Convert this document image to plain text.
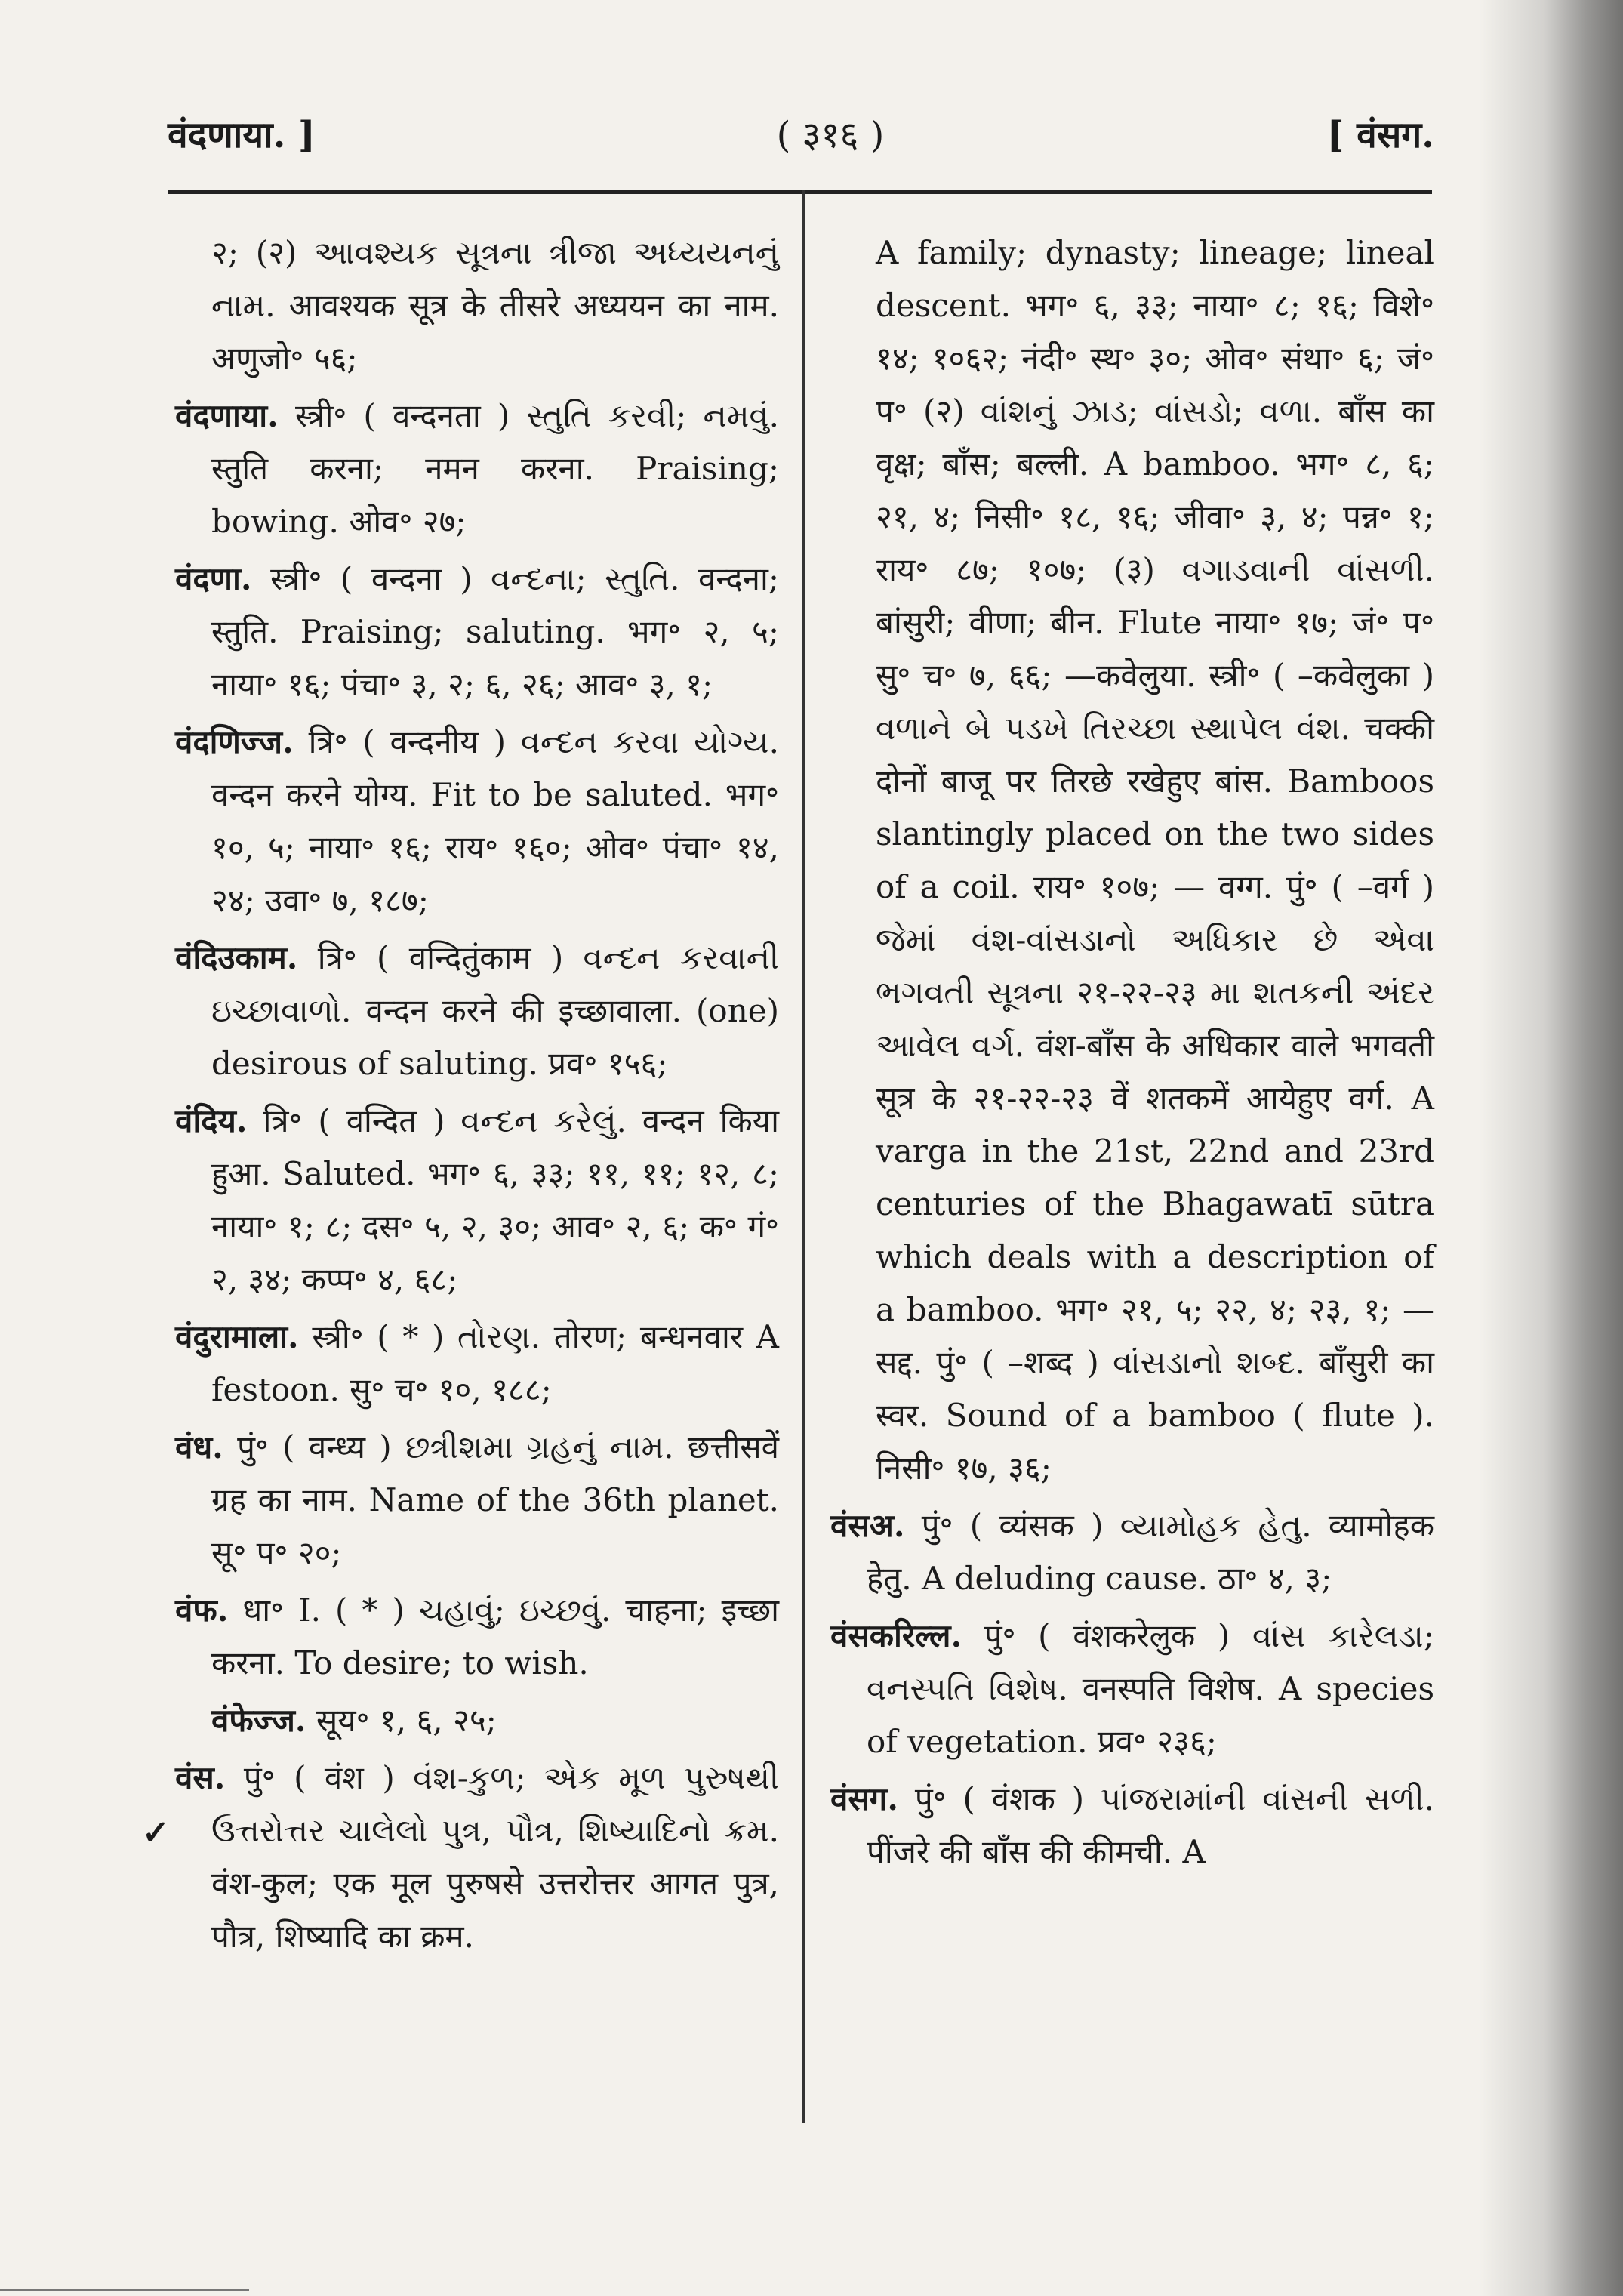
वंदणाया. ]	( ३१६ )	[ वंसग.
✓

२; (२) આવશ્યક સૂત્રના ત્રીજા અધ્યયનનું નામ. आवश्यक सूत्र के तीसरे अध्ययन का नाम. अणुजो॰ ५६;

वंदणाया. स्त्री॰ ( वन्दनता ) સ્તુતિ કરવી; નમવું. स्तुति करना; नमन करना. Praising; bowing. ओव॰ २७;

वंदणा. स्त्री॰ ( वन्दना ) વન્દના; સ્તુતિ. वन्दना; स्तुति. Praising; saluting. भग॰ २, ५; नाया॰ १६; पंचा॰ ३, २; ६, २६; आव॰ ३, १;

वंदणिज्ज. त्रि॰ ( वन्दनीय ) વન્દન કરવા યોગ્ય. वन्दन करने योग्य. Fit to be saluted. भग॰ १०, ५; नाया॰ १६; राय॰ १६०; ओव॰ पंचा॰ १४, २४; उवा॰ ७, १८७;

वंदिउकाम. त्रि॰ ( वन्दितुंकाम ) વન્દન કરવાની ઇચ્છાવાળો. वन्दन करने की इच्छावाला. (one) desirous of saluting. प्रव॰ १५६;

वंदिय. त्रि॰ ( वन्दित ) વન્દન કરેલું. वन्दन किया हुआ. Saluted. भग॰ ६, ३३; ११, ११; १२, ८; नाया॰ १; ८; दस॰ ५, २, ३०; आव॰ २, ६; क॰ गं॰ २, ३४; कप्प॰ ४, ६८;

वंदुरामाला. स्त्री॰ ( * ) તોરણ. तोरण; बन्धनवार A festoon. सु॰ च॰ १०, १८८;

वंध. पुं॰ ( वन्ध्य ) છત્રીશમા ગ્રહનું નામ. छत्तीसवें ग्रह का नाम. Name of the 36th planet. सू॰ प॰ २०;

वंफ. धा॰ I. ( * ) ચહાવું; ઇચ્છવું. चाहना; इच्छा करना. To desire; to wish.

वंफेज्ज. सूय॰ १, ६, २५;

वंस. पुं॰ ( वंश ) વંશ-કુળ; એક મૂળ પુરુષથી ઉત્તરોત્તર ચાલેલો પુત્ર, પૌત્ર, શિષ્યાદિનો ક્રમ. वंश-कुल; एक मूल पुरुषसे उत्तरोत्तर आगत पुत्र, पौत्र, शिष्यादि का क्रम.

A family; dynasty; lineage; lineal descent. भग॰ ६, ३३; नाया॰ ८; १६; विशे॰ १४; १०६२; नंदी॰ स्थ॰ ३०; ओव॰ संथा॰ ६; जं॰ प॰ (२) વાંશનું ઝાડ; વાંસડો; વળા. बाँस का वृक्ष; बाँस; बल्ली. A bamboo. भग॰ ८, ६; २१, ४; निसी॰ १८, १६; जीवा॰ ३, ४; पन्न॰ १; राय॰ ८७; १०७; (३) વગાડવાની વાંસળી. बांसुरी; वीणा; बीन. Flute नाया॰ १७; जं॰ प॰ सु॰ च॰ ७, ६६; —कवेलुया. स्त्री॰ ( –कवेलुका ) વળાને બે પડખે તિરચ્છા સ્થાપેલ વંશ. चक्की दोनों बाजू पर तिरछे रखेहुए बांस. Bamboos slantingly placed on the two sides of a coil. राय॰ १०७; — वग्ग. पुं॰ ( –वर्ग ) જેમાં વંશ-વાંસડાનો અધિકાર છે એવા ભગવતી સૂત્રના २१-२२-२३ મા શતકની અંદર આવેલ વર્ગ. वंश-बाँस के अधिकार वाले भगवती सूत्र के २१-२२-२३ वें शतकमें आयेहुए वर्ग. A varga in the 21st, 22nd and 23rd centuries of the Bhagawatī sūtra which deals with a description of a bamboo. भग॰ २१, ५; २२, ४; २३, १; —सद्द. पुं॰ ( –शब्द ) વાંસડાનો શબ્દ. बाँसुरी का स्वर. Sound of a bamboo ( flute ). निसी॰ १७, ३६;

वंसअ. पुं॰ ( व्यंसक ) વ્યામોહક હેતુ. व्यामोहक हेतु. A deluding cause. ठा॰ ४, ३;

वंसकरिल्ल. पुं॰ ( वंशकरेलुक ) વાંસ કારેલડા; વનસ્પતિ વિશેષ. वनस्पति विशेष. A species of vegetation. प्रव॰ २३६;

वंसग. पुं॰ ( वंशक ) પાંજરામાંની વાંસની સળી. पींजरे की बाँस की कीमची. A
